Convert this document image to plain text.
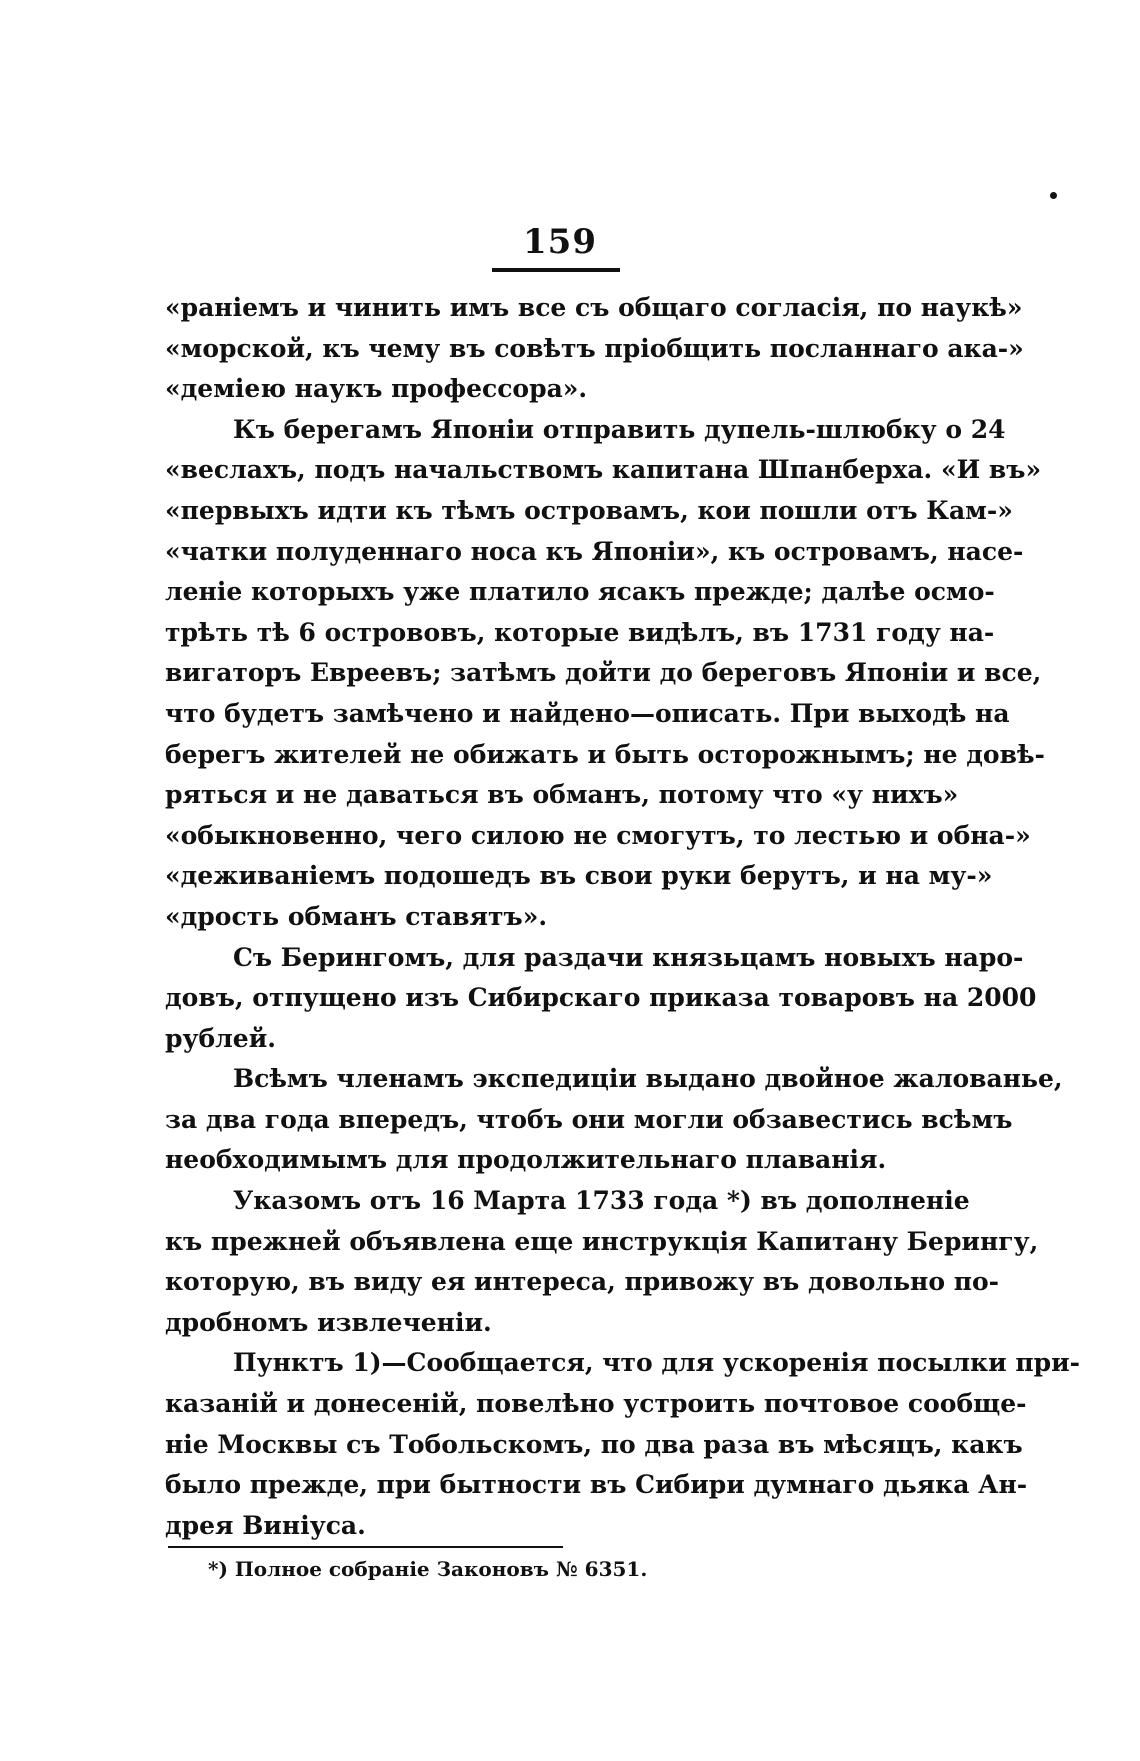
159
«раніемъ и чинить имъ все съ общаго согласія, по наукѣ»
«морской, къ чему въ совѣтъ пріобщить посланнаго ака-»
«деміею наукъ профессора».
Къ берегамъ Японіи отправить дупель-шлюбку о 24
«веслахъ, подъ начальствомъ капитана Шпанберха. «И въ»
«первыхъ идти къ тѣмъ островамъ, кои пошли отъ Кам-»
«чатки полуденнаго носа къ Японіи», къ островамъ, насе-
леніе которыхъ уже платило ясакъ прежде; далѣе осмо-
трѣть тѣ 6 острововъ, которые видѣлъ, въ 1731 году на-
вигаторъ Евреевъ; затѣмъ дойти до береговъ Японіи и все,
что будетъ замѣчено и найдено—описать. При выходѣ на
берегъ жителей не обижать и быть осторожнымъ; не довѣ-
ряться и не даваться въ обманъ, потому что «у нихъ»
«обыкновенно, чего силою не смогутъ, то лестью и обна-»
«деживаніемъ подошедъ въ свои руки берутъ, и на му-»
«дрость обманъ ставятъ».
Съ Берингомъ, для раздачи князьцамъ новыхъ наро-
довъ, отпущено изъ Сибирскаго приказа товаровъ на 2000
рублей.
Всѣмъ членамъ экспедиціи выдано двойное жалованье,
за два года впередъ, чтобъ они могли обзавестись всѣмъ
необходимымъ для продолжительнаго плаванія.
Указомъ отъ 16 Марта 1733 года *) въ дополненіе
къ прежней объявлена еще инструкція Капитану Берингу,
которую, въ виду ея интереса, привожу въ довольно по-
дробномъ извлеченіи.
Пунктъ 1)—Сообщается, что для ускоренія посылки при-
казаній и донесеній, повелѣно устроить почтовое сообще-
ніе Москвы съ Тобольскомъ, по два раза въ мѣсяцъ, какъ
было прежде, при бытности въ Сибири думнаго дьяка Ан-
дрея Виніуса.
*) Полное собраніе Законовъ № 6351.
